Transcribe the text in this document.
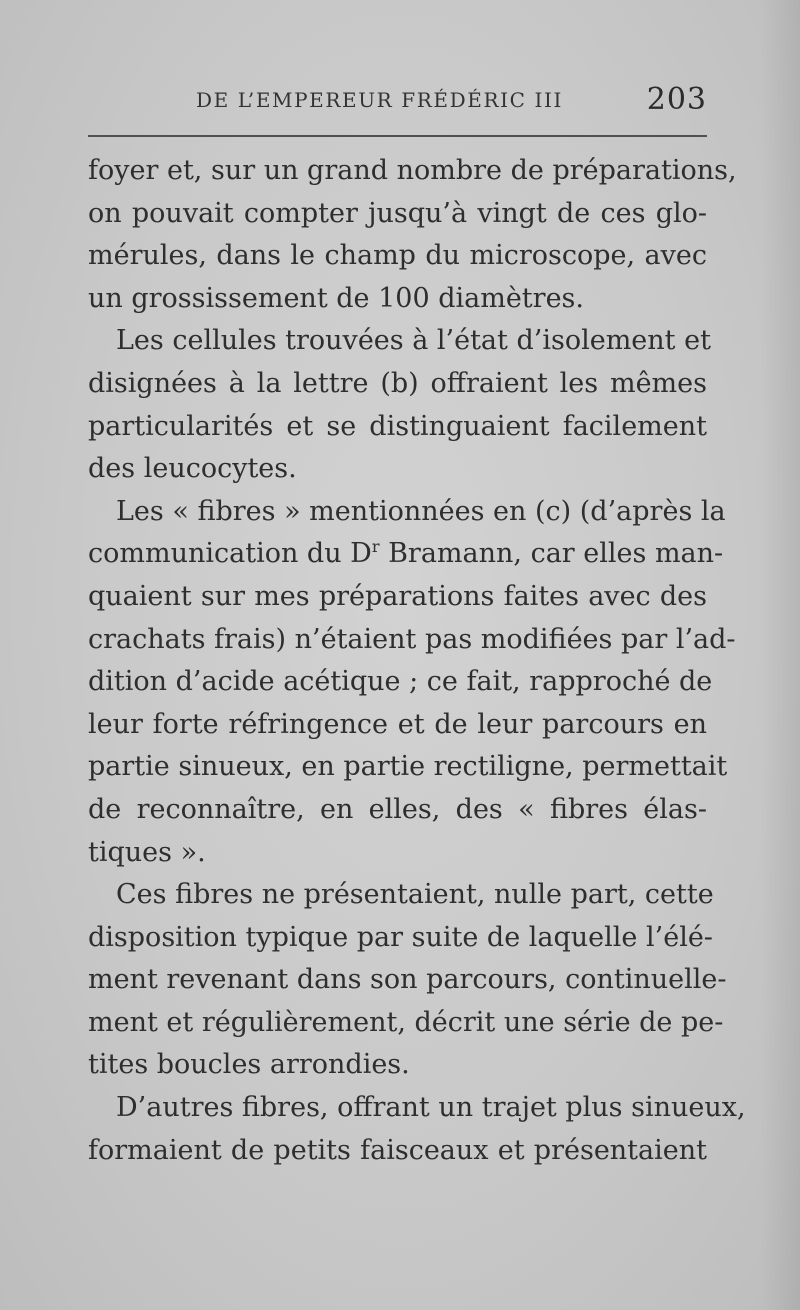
DE L’EMPEREUR FRÉDÉRIC III	203
foyer et, sur un grand nombre de préparations,
on pouvait compter jusqu’à vingt de ces glo-
mérules, dans le champ du microscope, avec
un grossissement de 100 diamètres.
Les cellules trouvées à l’état d’isolement et
disignées à la lettre (b) offraient les mêmes
particularités et se distinguaient facilement
des leucocytes.
Les « fibres » mentionnées en (c) (d’après la
communication du $D^r$ Bramann, car elles man-
quaient sur mes préparations faites avec des
crachats frais) n’étaient pas modifiées par l’ad-
dition d’acide acétique ; ce fait, rapproché de
leur forte réfringence et de leur parcours en
partie sinueux, en partie rectiligne, permettait
de reconnaître, en elles, des « fibres élas-
tiques ».
Ces fibres ne présentaient, nulle part, cette
disposition typique par suite de laquelle l’élé-
ment revenant dans son parcours, continuelle-
ment et régulièrement, décrit une série de pe-
tites boucles arrondies.
D’autres fibres, offrant un trajet plus sinueux,
formaient de petits faisceaux et présentaient
